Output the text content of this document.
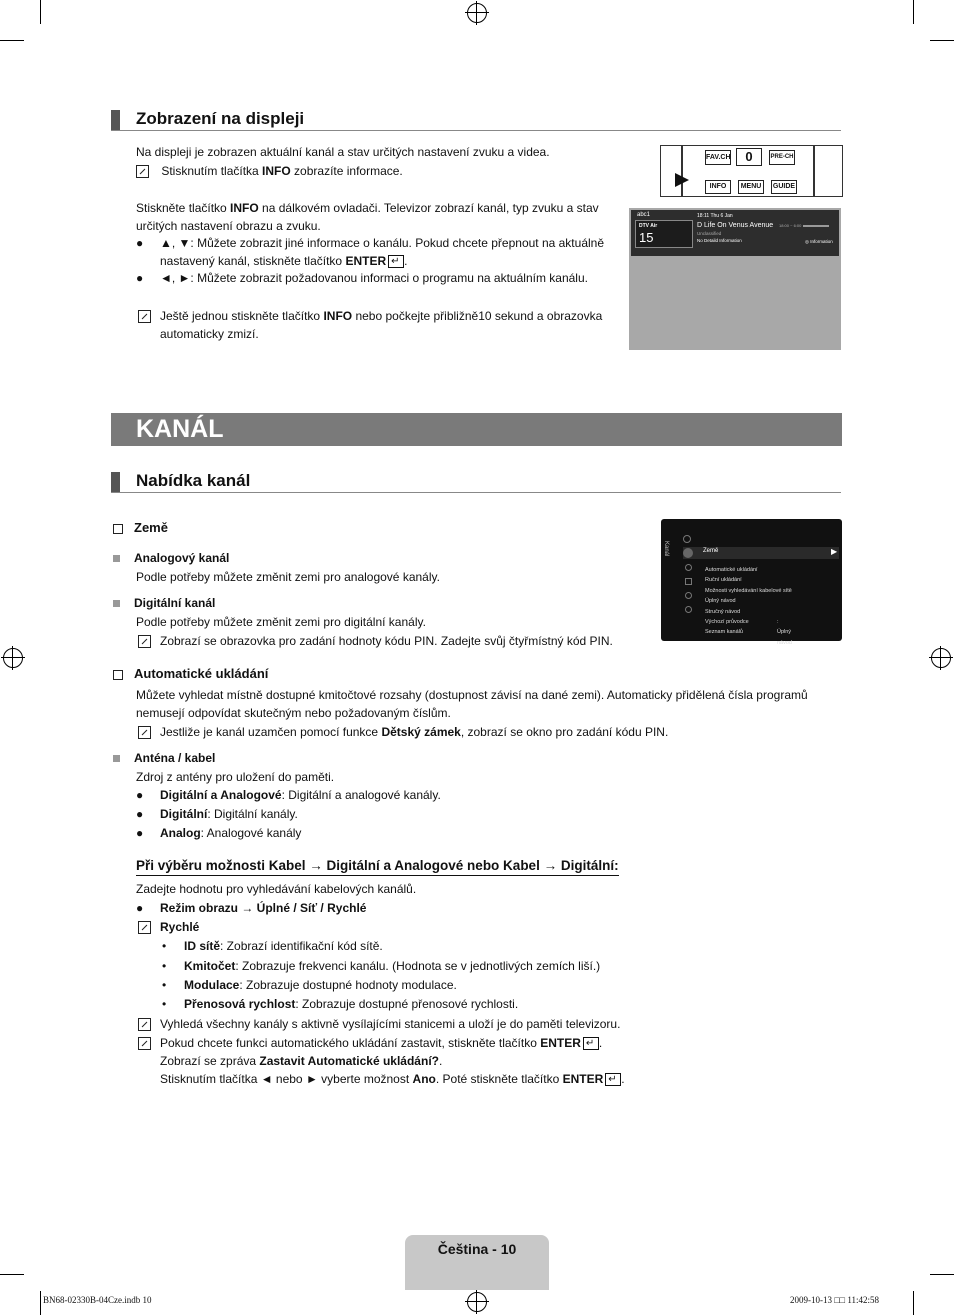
Zobrazení na displeji
Na displeji je zobrazen aktuální kanál a stav určitých nastavení zvuku a videa.
Stisknutím tlačítka INFO zobrazíte informace.
Stiskněte tlačítko INFO na dálkovém ovladači. Televizor zobrazí kanál, typ zvuku a stav
určitých nastavení obrazu a zvuku.
● ▲, ▼: Můžete zobrazit jiné informace o kanálu. Pokud chcete přepnout na aktuálně
nastavený kanál, stiskněte tlačítko ENTER ↵ .
● ◄, ►: Můžete zobrazit požadovanou informaci o programu na aktuálním kanálu.
Ještě jednou stiskněte tlačítko INFO nebo počkejte přibližně10 sekund a obrazovka
automaticky zmizí.
FAV.CH	0	PRE-CH
INFO	MENU	GUIDE
abc1
DTV Air
15
18:11 Thu 6 Jan
D Life On Venus Avenue
Unclassified
No Detaild Information
18:00 ~ 6:00
◎ Information
KANÁL
Nabídka kanál
Země
Analogový kanál
Podle potřeby můžete změnit zemi pro analogové kanály.
Digitální kanál
Podle potřeby můžete změnit zemi pro digitální kanály.
Zobrazí se obrazovka pro zadání hodnoty kódu PIN. Zadejte svůj čtyřmístný kód PIN.
Kanál	Země	▶
Automatické ukládání
Ruční ukládání
Možnosti vyhledávání kabelové sítě
Úplný návod
Stručný návod
Výchozí průvodce	: Úplný návod
Seznam kanálů
Automatické ukládání
Můžete vyhledat místně dostupné kmitočtové rozsahy (dostupnost závisí na dané zemi). Automaticky přidělená čísla programů
nemusejí odpovídat skutečným nebo požadovaným číslům.
Jestliže je kanál uzamčen pomocí funkce Dětský zámek, zobrazí se okno pro zadání kódu PIN.
Anténa / kabel
Zdroj z antény pro uložení do paměti.
● Digitální a Analogové: Digitální a analogové kanály.
● Digitální: Digitální kanály.
● Analog: Analogové kanály
Při výběru možnosti Kabel → Digitální a Analogové nebo Kabel → Digitální:
Zadejte hodnotu pro vyhledávání kabelových kanálů.
● Režim obrazu → Úplné / Síť / Rychlé
Rychlé
• ID sítě: Zobrazí identifikační kód sítě.
• Kmitočet: Zobrazuje frekvenci kanálu. (Hodnota se v jednotlivých zemích liší.)
• Modulace: Zobrazuje dostupné hodnoty modulace.
• Přenosová rychlost: Zobrazuje dostupné přenosové rychlosti.
Vyhledá všechny kanály s aktivně vysílajícími stanicemi a uloží je do paměti televizoru.
Pokud chcete funkci automatického ukládání zastavit, stiskněte tlačítko ENTER ↵ .
Zobrazí se zpráva Zastavit Automatické ukládání?.
Stisknutím tlačítka ◄ nebo ► vyberte možnost Ano. Poté stiskněte tlačítko ENTER ↵ .
Čeština - 10
BN68-02330B-04Cze.indb 10	2009-10-13 □□ 11:42:58
